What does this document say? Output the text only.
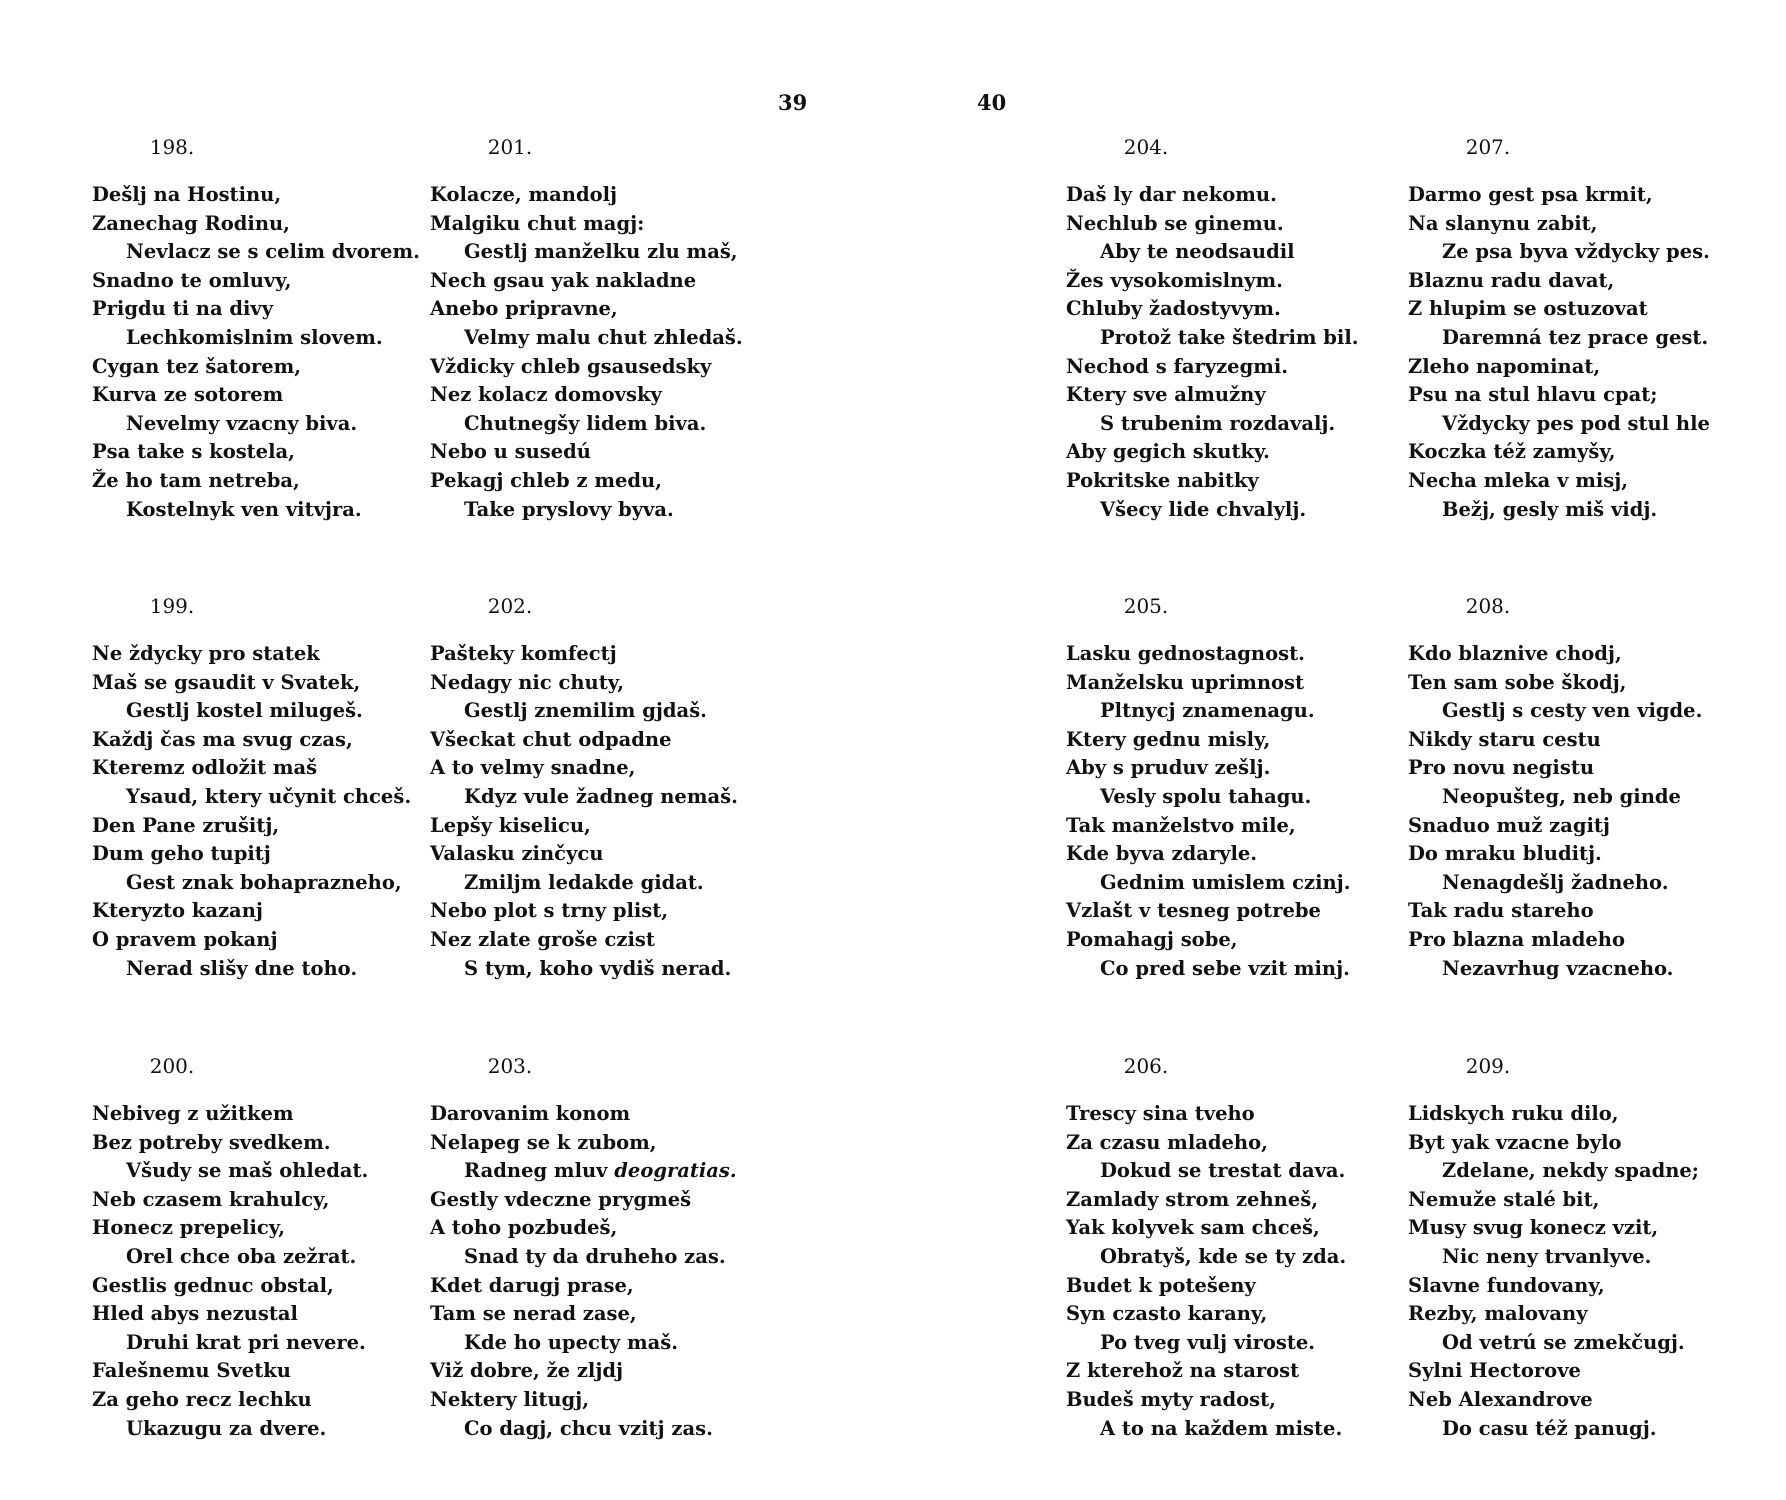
39	40
198.
Dešlj na Hostinu,
Zanechag Rodinu,
Nevlacz se s celim dvorem.
Snadno te omluvy,
Prigdu ti na divy
Lechkomislnim slovem.
Cygan tez šatorem,
Kurva ze sotorem
Nevelmy vzacny biva.
Psa take s kostela,
Že ho tam netreba,
Kostelnyk ven vitvjra.
199.
Ne ždycky pro statek
Maš se gsaudit v Svatek,
Gestlj kostel milugeš.
Každj čas ma svug czas,
Kteremz odložit maš
Ysaud, ktery učynit chceš.
Den Pane zrušitj,
Dum geho tupitj
Gest znak bohaprazneho,
Kteryzto kazanj
O pravem pokanj
Nerad slišy dne toho.
200.
Nebiveg z užitkem
Bez potreby svedkem.
Všudy se maš ohledat.
Neb czasem krahulcy,
Honecz prepelicy,
Orel chce oba zežrat.
Gestlis gednuc obstal,
Hled abys nezustal
Druhi krat pri nevere.
Falešnemu Svetku
Za geho recz lechku
Ukazugu za dvere.
201.
Kolacze, mandolj
Malgiku chut magj:
Gestlj manželku zlu maš,
Nech gsau yak nakladne
Anebo pripravne,
Velmy malu chut zhledaš.
Vždicky chleb gsausedsky
Nez kolacz domovsky
Chutnegšy lidem biva.
Nebo u susedú
Pekagj chleb z medu,
Take pryslovy byva.
202.
Pašteky komfectj
Nedagy nic chuty,
Gestlj znemilim gjdaš.
Všeckat chut odpadne
A to velmy snadne,
Kdyz vule žadneg nemaš.
Lepšy kiselicu,
Valasku zinčycu
Zmiljm ledakde gidat.
Nebo plot s trny plist,
Nez zlate groše czist
S tym, koho vydiš nerad.
203.
Darovanim konom
Nelapeg se k zubom,
Radneg mluv deogratias.
Gestly vdeczne prygmeš
A toho pozbudeš,
Snad ty da druheho zas.
Kdet darugj prase,
Tam se nerad zase,
Kde ho upecty maš.
Viž dobre, že zljdj
Nektery litugj,
Co dagj, chcu vzitj zas.
204.
Daš ly dar nekomu.
Nechlub se ginemu.
Aby te neodsaudil
Žes vysokomislnym.
Chluby žadostyvym.
Protož take štedrim bil.
Nechod s faryzegmi.
Ktery sve almužny
S trubenim rozdavalj.
Aby gegich skutky.
Pokritske nabitky
Všecy lide chvalylj.
205.
Lasku gednostagnost.
Manželsku uprimnost
Pltnycj znamenagu.
Ktery gednu misly,
Aby s pruduv zešlj.
Vesly spolu tahagu.
Tak manželstvo mile,
Kde byva zdaryle.
Gednim umislem czinj.
Vzlašt v tesneg potrebe
Pomahagj sobe,
Co pred sebe vzit minj.
206.
Trescy sina tveho
Za czasu mladeho,
Dokud se trestat dava.
Zamlady strom zehneš,
Yak kolyvek sam chceš,
Obratyš, kde se ty zda.
Budet k potešeny
Syn czasto karany,
Po tveg vulj viroste.
Z kterehož na starost
Budeš myty radost,
A to na každem miste.
207.
Darmo gest psa krmit,
Na slanynu zabit,
Ze psa byva vždycky pes.
Blaznu radu davat,
Z hlupim se ostuzovat
Daremná tez prace gest.
Zleho napominat,
Psu na stul hlavu cpat;
Vždycky pes pod stul hle
Koczka též zamyšy,
Necha mleka v misj,
Bežj, gesly miš vidj.
208.
Kdo blaznive chodj,
Ten sam sobe škodj,
Gestlj s cesty ven vigde.
Nikdy staru cestu
Pro novu negistu
Neopušteg, neb ginde
Snaduo muž zagitj
Do mraku bluditj.
Nenagdešlj žadneho.
Tak radu stareho
Pro blazna mladeho
Nezavrhug vzacneho.
209.
Lidskych ruku dilo,
Byt yak vzacne bylo
Zdelane, nekdy spadne;
Nemuže stalé bit,
Musy svug konecz vzit,
Nic neny trvanlyve.
Slavne fundovany,
Rezby, malovany
Od vetrú se zmekčugj.
Sylni Hectorove
Neb Alexandrove
Do casu též panugj.
